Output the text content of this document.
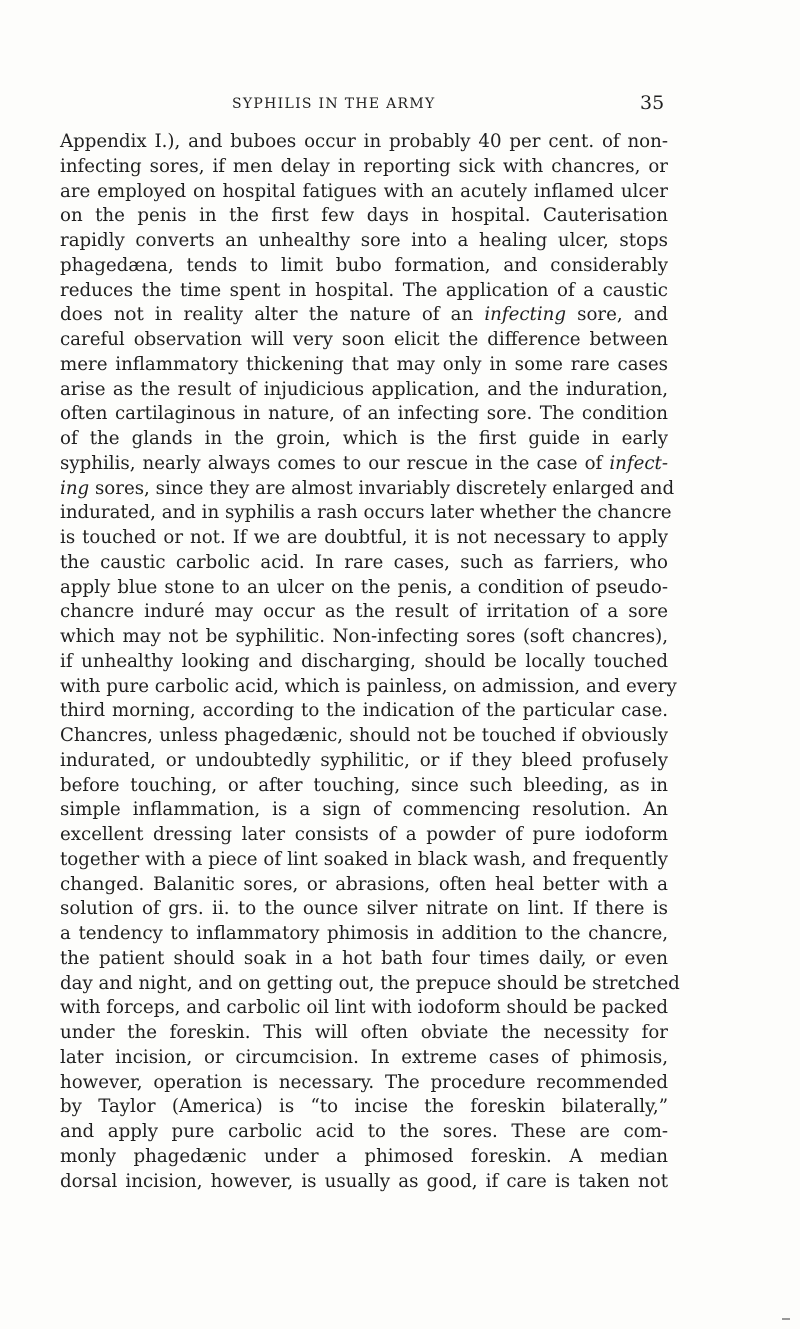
SYPHILIS IN THE ARMY	35
Appendix I.), and buboes occur in probably 40 per cent. of non-
infecting sores, if men delay in reporting sick with chancres, or
are employed on hospital fatigues with an acutely inflamed ulcer
on the penis in the first few days in hospital. Cauterisation
rapidly converts an unhealthy sore into a healing ulcer, stops
phagedæna, tends to limit bubo formation, and considerably
reduces the time spent in hospital. The application of a caustic
does not in reality alter the nature of an infecting sore, and
careful observation will very soon elicit the difference between
mere inflammatory thickening that may only in some rare cases
arise as the result of injudicious application, and the induration,
often cartilaginous in nature, of an infecting sore. The condition
of the glands in the groin, which is the first guide in early
syphilis, nearly always comes to our rescue in the case of infect-
ing sores, since they are almost invariably discretely enlarged and
indurated, and in syphilis a rash occurs later whether the chancre
is touched or not. If we are doubtful, it is not necessary to apply
the caustic carbolic acid. In rare cases, such as farriers, who
apply blue stone to an ulcer on the penis, a condition of pseudo-
chancre induré may occur as the result of irritation of a sore
which may not be syphilitic. Non-infecting sores (soft chancres),
if unhealthy looking and discharging, should be locally touched
with pure carbolic acid, which is painless, on admission, and every
third morning, according to the indication of the particular case.
Chancres, unless phagedænic, should not be touched if obviously
indurated, or undoubtedly syphilitic, or if they bleed profusely
before touching, or after touching, since such bleeding, as in
simple inflammation, is a sign of commencing resolution. An
excellent dressing later consists of a powder of pure iodoform
together with a piece of lint soaked in black wash, and frequently
changed. Balanitic sores, or abrasions, often heal better with a
solution of grs. ii. to the ounce silver nitrate on lint. If there is
a tendency to inflammatory phimosis in addition to the chancre,
the patient should soak in a hot bath four times daily, or even
day and night, and on getting out, the prepuce should be stretched
with forceps, and carbolic oil lint with iodoform should be packed
under the foreskin. This will often obviate the necessity for
later incision, or circumcision. In extreme cases of phimosis,
however, operation is necessary. The procedure recommended
by Taylor (America) is “to incise the foreskin bilaterally,”
and apply pure carbolic acid to the sores. These are com-
monly phagedænic under a phimosed foreskin. A median
dorsal incision, however, is usually as good, if care is taken not
